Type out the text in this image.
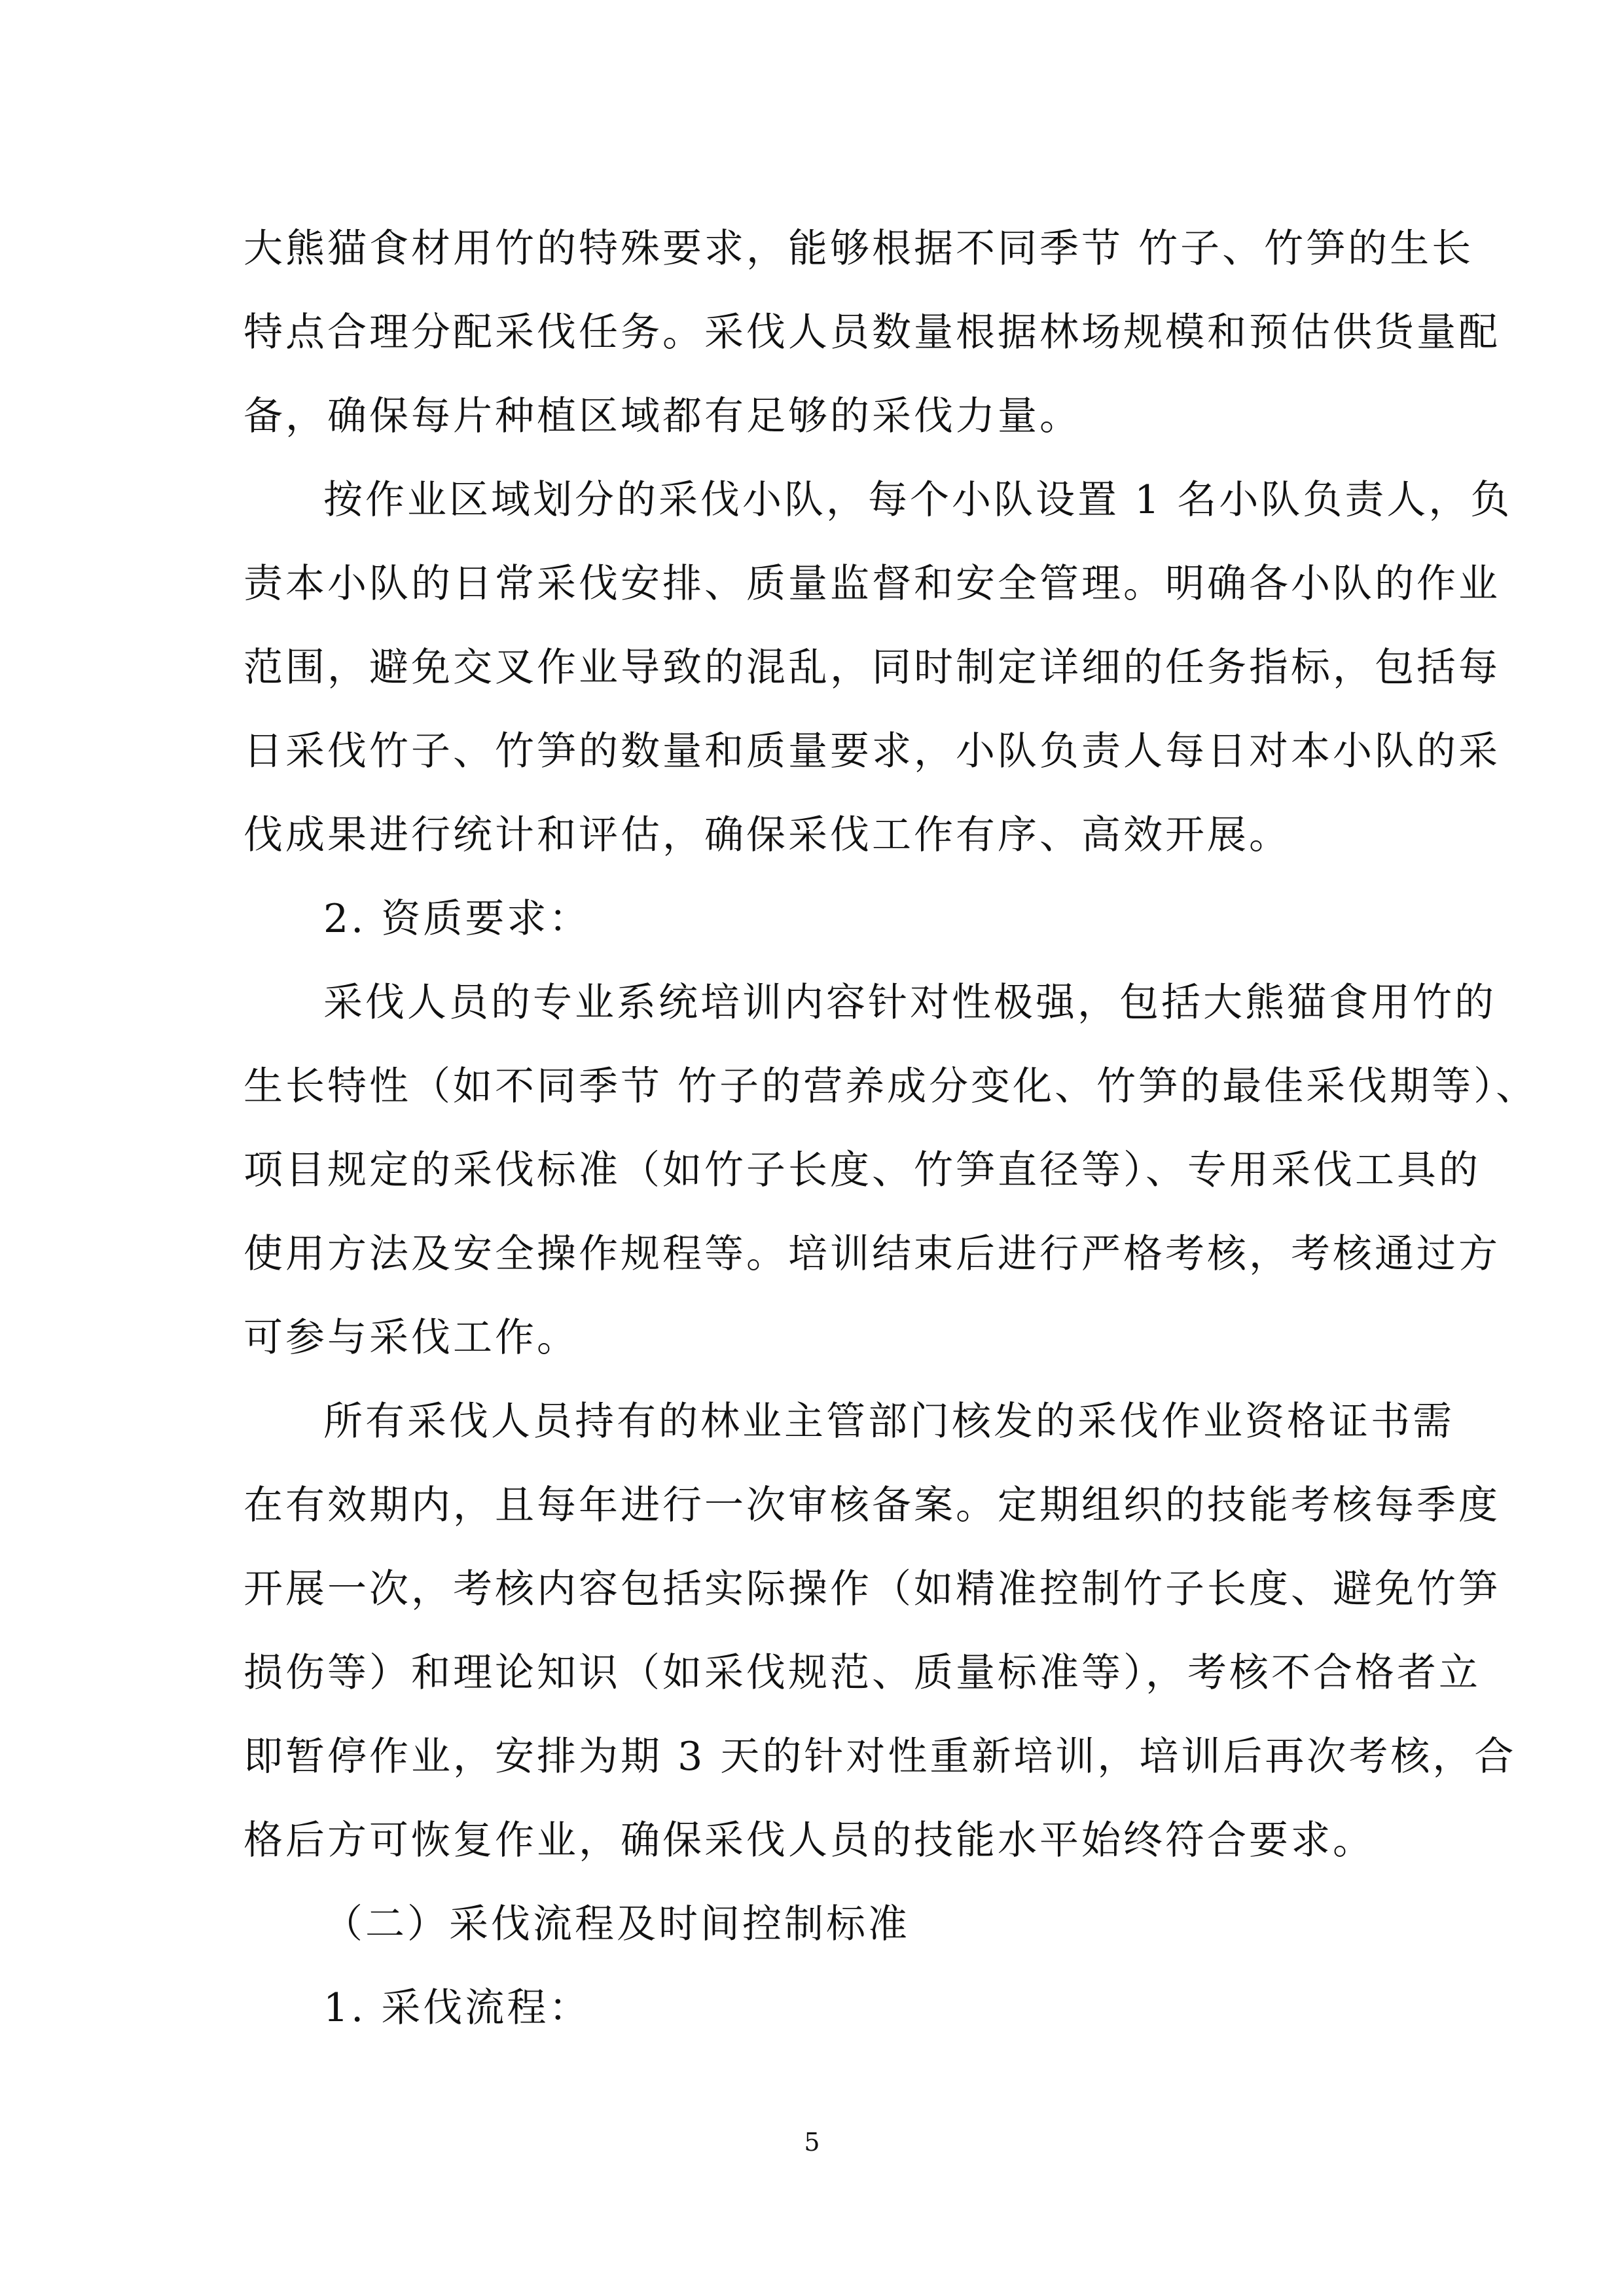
大熊猫食材用竹的特殊要求，能够根据不同季节 竹子、竹笋的生长
特点合理分配采伐任务。采伐人员数量根据林场规模和预估供货量配
备，确保每片种植区域都有足够的采伐力量。
按作业区域划分的采伐小队，每个小队设置 1 名小队负责人，负
责本小队的日常采伐安排、质量监督和安全管理。明确各小队的作业
范围，避免交叉作业导致的混乱，同时制定详细的任务指标，包括每
日采伐竹子、竹笋的数量和质量要求，小队负责人每日对本小队的采
伐成果进行统计和评估，确保采伐工作有序、高效开展。
2. 资质要求：
采伐人员的专业系统培训内容针对性极强，包括大熊猫食用竹的
生长特性（如不同季节 竹子的营养成分变化、竹笋的最佳采伐期等）、
项目规定的采伐标准（如竹子长度、竹笋直径等）、专用采伐工具的
使用方法及安全操作规程等。培训结束后进行严格考核，考核通过方
可参与采伐工作。
所有采伐人员持有的林业主管部门核发的采伐作业资格证书需
在有效期内，且每年进行一次审核备案。定期组织的技能考核每季度
开展一次，考核内容包括实际操作（如精准控制竹子长度、避免竹笋
损伤等）和理论知识（如采伐规范、质量标准等），考核不合格者立
即暂停作业，安排为期 3 天的针对性重新培训，培训后再次考核，合
格后方可恢复作业，确保采伐人员的技能水平始终符合要求。
（二）采伐流程及时间控制标准
1. 采伐流程：
5
